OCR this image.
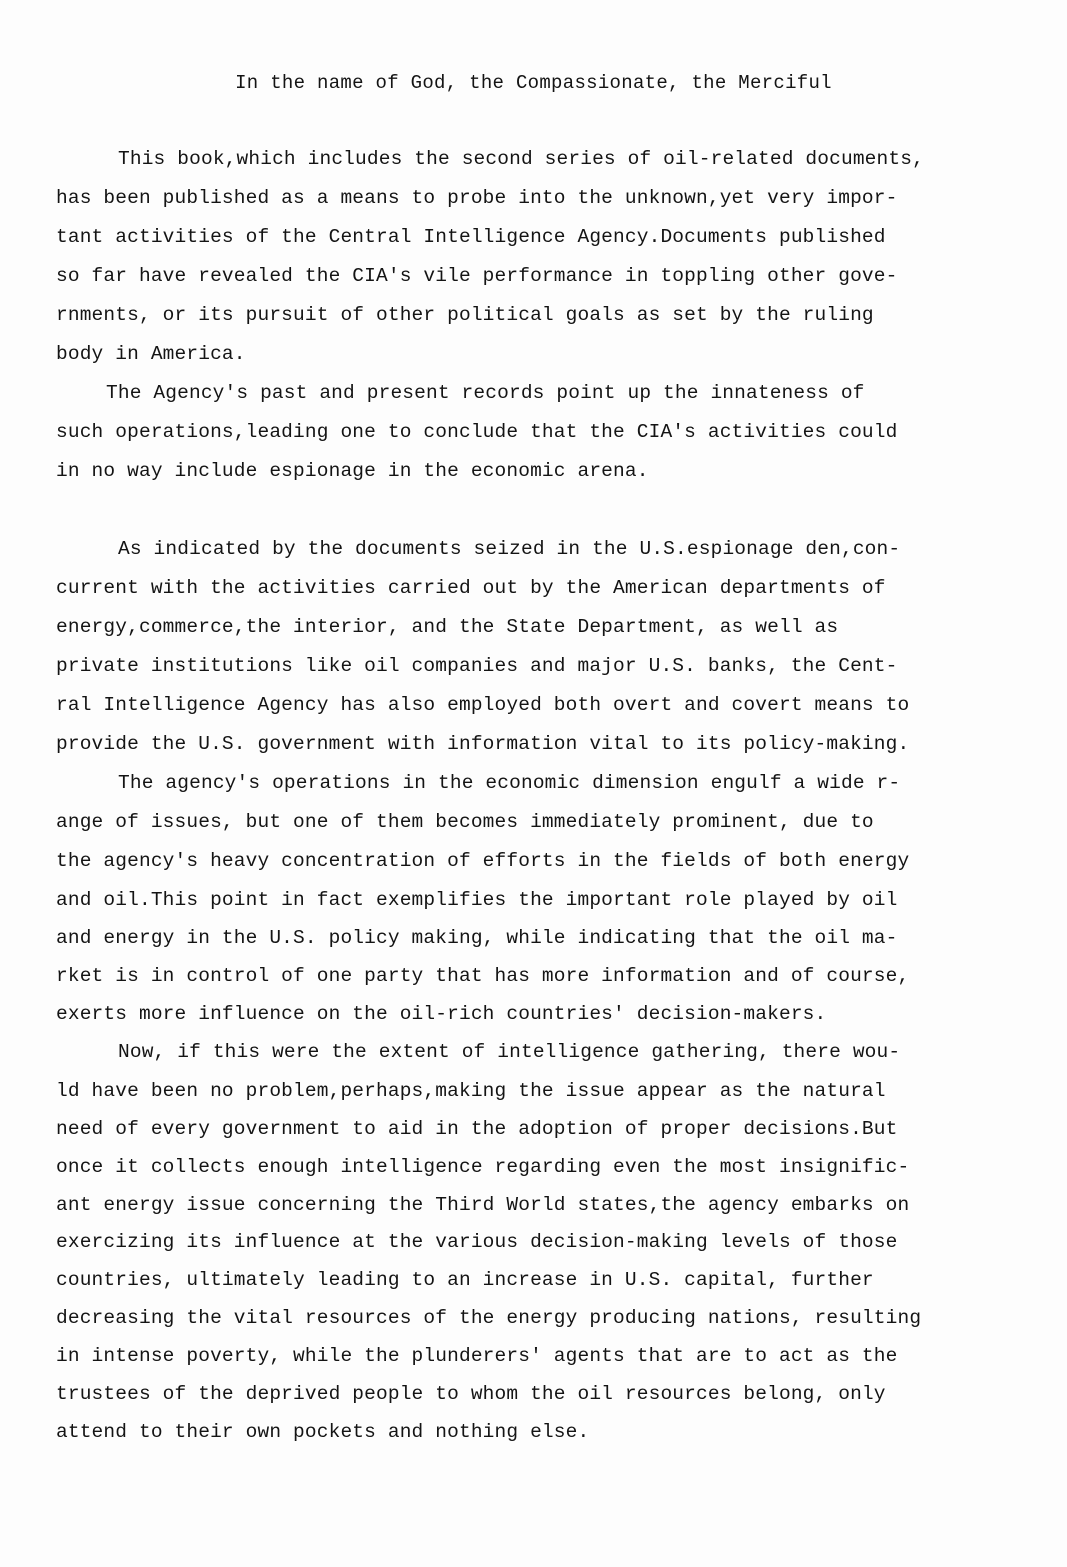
In the name of God, the Compassionate, the Merciful
This book,which includes the second series of oil-related documents,
has been published as a means to probe into the unknown,yet very impor-
tant activities of the Central Intelligence Agency.Documents published
so far have revealed the CIA's vile performance in toppling other gove-
rnments, or its pursuit of other political goals as set by the ruling
body in America.
The Agency's past and present records point up the innateness of
such operations,leading one to conclude that the CIA's activities could
in no way include espionage in the economic arena.
As indicated by the documents seized in the U.S.espionage den,con-
current with the activities carried out by the American departments of
energy,commerce,the interior, and the State Department, as well as
private institutions like oil companies and major U.S. banks, the Cent-
ral Intelligence Agency has also employed both overt and covert means to
provide the U.S. government with information vital to its policy-making.
The agency's operations in the economic dimension engulf a wide r-
ange of issues, but one of them becomes immediately prominent, due to
the agency's heavy concentration of efforts in the fields of both energy
and oil.This point in fact exemplifies the important role played by oil
and energy in the U.S. policy making, while indicating that the oil ma-
rket is in control of one party that has more information and of course,
exerts more influence on the oil-rich countries' decision-makers.
Now, if this were the extent of intelligence gathering, there wou-
ld have been no problem,perhaps,making the issue appear as the natural
need of every government to aid in the adoption of proper decisions.But
once it collects enough intelligence regarding even the most insignific-
ant energy issue concerning the Third World states,the agency embarks on
exercizing its influence at the various decision-making levels of those
countries, ultimately leading to an increase in U.S. capital, further
decreasing the vital resources of the energy producing nations, resulting
in intense poverty, while the plunderers' agents that are to act as the
trustees of the deprived people to whom the oil resources belong, only
attend to their own pockets and nothing else.
